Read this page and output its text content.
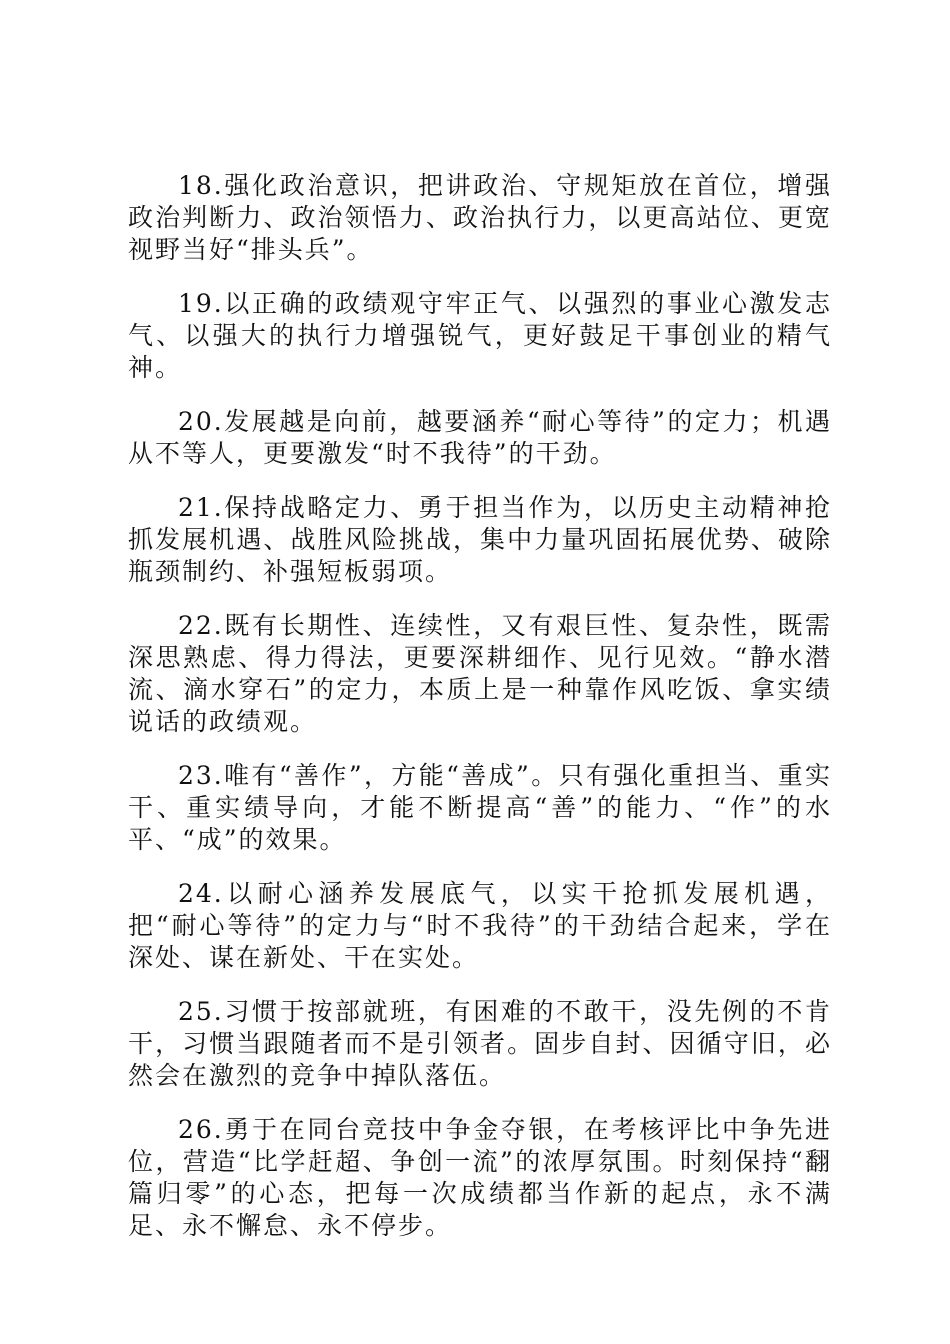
18.强化政治意识，把讲政治、守规矩放在首位，增强政治判断力、政治领悟力、政治执行力，以更高站位、更宽视野当好“排头兵”。

19.以正确的政绩观守牢正气、以强烈的事业心激发志气、以强大的执行力增强锐气，更好鼓足干事创业的精气神。

20.发展越是向前，越要涵养“耐心等待”的定力；机遇从不等人，更要激发“时不我待”的干劲。

21.保持战略定力、勇于担当作为，以历史主动精神抢抓发展机遇、战胜风险挑战，集中力量巩固拓展优势、破除瓶颈制约、补强短板弱项。

22.既有长期性、连续性，又有艰巨性、复杂性，既需深思熟虑、得力得法，更要深耕细作、见行见效。“静水潜流、滴水穿石”的定力，本质上是一种靠作风吃饭、拿实绩说话的政绩观。

23.唯有“善作”，方能“善成”。只有强化重担当、重实干、重实绩导向，才能不断提高“善”的能力、“作”的水平、“成”的效果。

24.以耐心涵养发展底气，以实干抢抓发展机遇，把“耐心等待”的定力与“时不我待”的干劲结合起来，学在深处、谋在新处、干在实处。

25.习惯于按部就班，有困难的不敢干，没先例的不肯干，习惯当跟随者而不是引领者。固步自封、因循守旧，必然会在激烈的竞争中掉队落伍。

26.勇于在同台竞技中争金夺银，在考核评比中争先进位，营造“比学赶超、争创一流”的浓厚氛围。时刻保持“翻篇归零”的心态，把每一次成绩都当作新的起点，永不满足、永不懈怠、永不停步。
